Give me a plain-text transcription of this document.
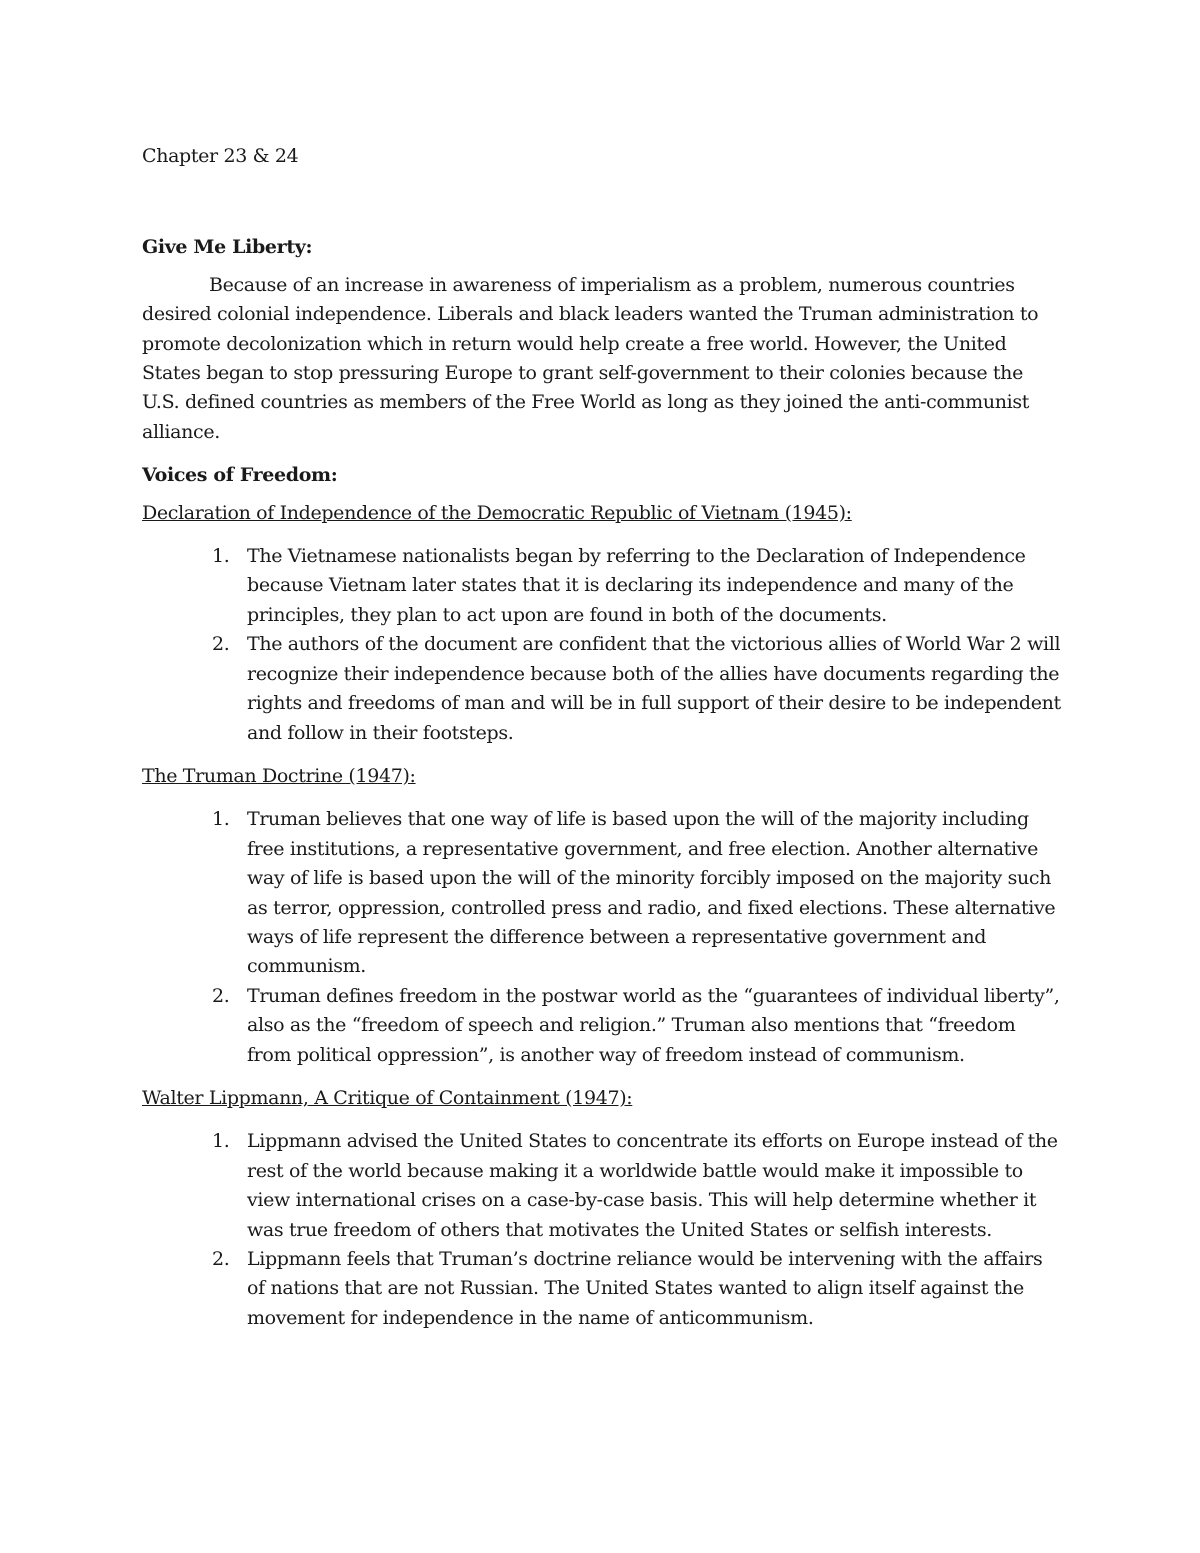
Chapter 23 & 24
Give Me Liberty:

Because of an increase in awareness of imperialism as a problem, numerous countries desired colonial independence. Liberals and black leaders wanted the Truman administration to promote decolonization which in return would help create a free world. However, the United States began to stop pressuring Europe to grant self-government to their colonies because the U.S. defined countries as members of the Free World as long as they joined the anti-communist alliance.

Voices of Freedom:
Declaration of Independence of the Democratic Republic of Vietnam (1945):
1. The Vietnamese nationalists began by referring to the Declaration of Independence because Vietnam later states that it is declaring its independence and many of the principles, they plan to act upon are found in both of the documents.
2. The authors of the document are confident that the victorious allies of World War 2 will recognize their independence because both of the allies have documents regarding the rights and freedoms of man and will be in full support of their desire to be independent and follow in their footsteps.
The Truman Doctrine (1947):
1. Truman believes that one way of life is based upon the will of the majority including free institutions, a representative government, and free election. Another alternative way of life is based upon the will of the minority forcibly imposed on the majority such as terror, oppression, controlled press and radio, and fixed elections. These alternative ways of life represent the difference between a representative government and communism.
2. Truman defines freedom in the postwar world as the “guarantees of individual liberty”, also as the “freedom of speech and religion.” Truman also mentions that “freedom from political oppression”, is another way of freedom instead of communism.
Walter Lippmann, A Critique of Containment (1947):
1. Lippmann advised the United States to concentrate its efforts on Europe instead of the rest of the world because making it a worldwide battle would make it impossible to view international crises on a case-by-case basis. This will help determine whether it was true freedom of others that motivates the United States or selfish interests.
2. Lippmann feels that Truman’s doctrine reliance would be intervening with the affairs of nations that are not Russian. The United States wanted to align itself against the movement for independence in the name of anticommunism.
